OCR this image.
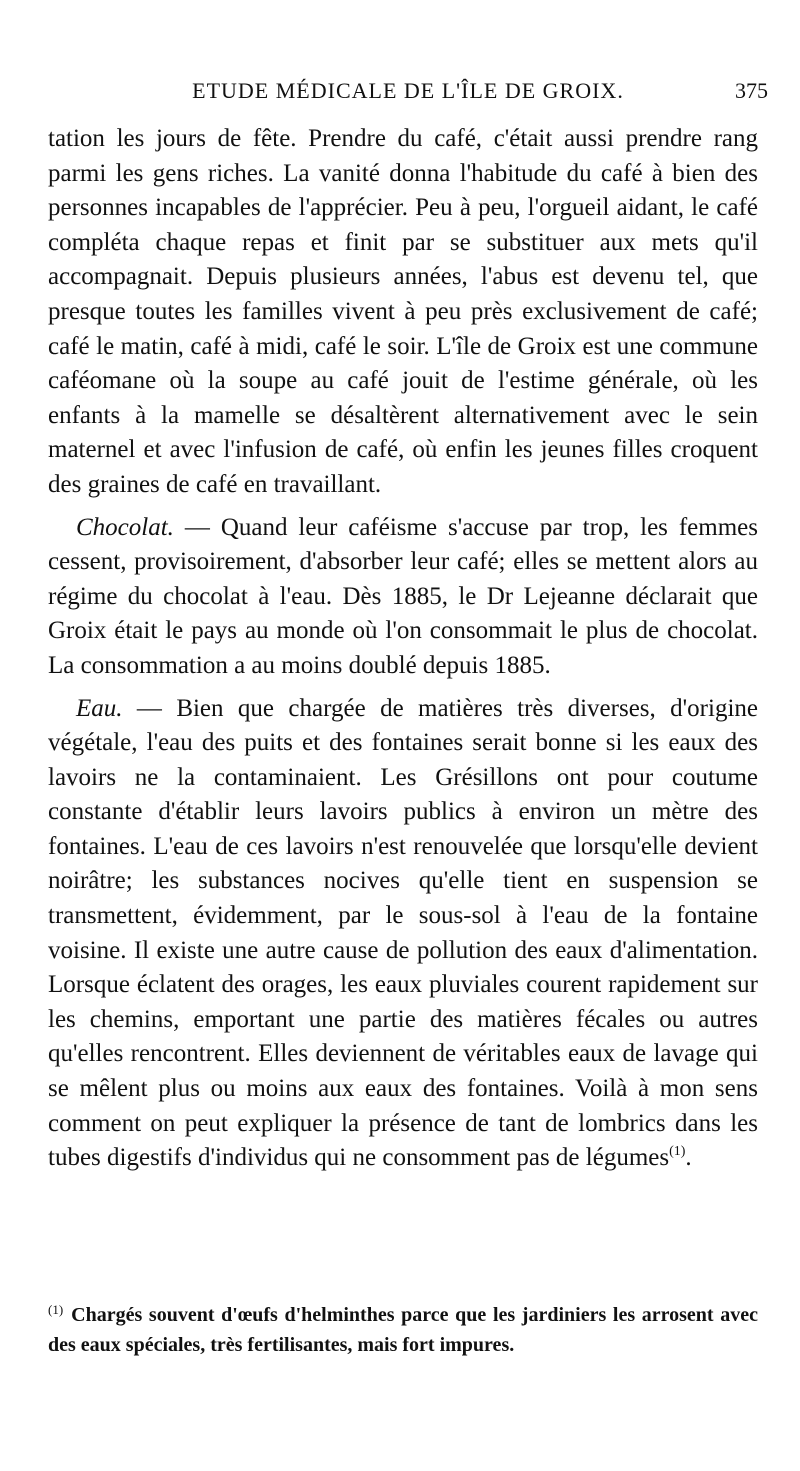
ETUDE MÉDICALE DE L'ÎLE DE GROIX.	375

tation les jours de fête. Prendre du café, c'était aussi prendre rang parmi les gens riches. La vanité donna l'habitude du café à bien des personnes incapables de l'apprécier. Peu à peu, l'orgueil aidant, le café compléta chaque repas et finit par se substituer aux mets qu'il accompagnait. Depuis plusieurs années, l'abus est devenu tel, que presque toutes les familles vivent à peu près exclusivement de café; café le matin, café à midi, café le soir. L'île de Groix est une commune caféomane où la soupe au café jouit de l'estime générale, où les enfants à la mamelle se désaltèrent alternativement avec le sein maternel et avec l'infusion de café, où enfin les jeunes filles croquent des graines de café en travaillant.

Chocolat. — Quand leur caféisme s'accuse par trop, les femmes cessent, provisoirement, d'absorber leur café; elles se mettent alors au régime du chocolat à l'eau. Dès 1885, le Dr Lejeanne déclarait que Groix était le pays au monde où l'on consommait le plus de chocolat. La consommation a au moins doublé depuis 1885.

Eau. — Bien que chargée de matières très diverses, d'origine végétale, l'eau des puits et des fontaines serait bonne si les eaux des lavoirs ne la contaminaient. Les Grésillons ont pour coutume constante d'établir leurs lavoirs publics à environ un mètre des fontaines. L'eau de ces lavoirs n'est renouvelée que lorsqu'elle devient noirâtre; les substances nocives qu'elle tient en suspension se transmettent, évidemment, par le sous-sol à l'eau de la fontaine voisine. Il existe une autre cause de pollution des eaux d'alimentation. Lorsque éclatent des orages, les eaux pluviales courent rapidement sur les chemins, emportant une partie des matières fécales ou autres qu'elles rencontrent. Elles deviennent de véritables eaux de lavage qui se mêlent plus ou moins aux eaux des fontaines. Voilà à mon sens comment on peut expliquer la présence de tant de lombrics dans les tubes digestifs d'individus qui ne consomment pas de légumes$^{(1)}$.

$^{(1)}$ Chargés souvent d'œufs d'helminthes parce que les jardiniers les arrosent avec des eaux spéciales, très fertilisantes, mais fort impures.
